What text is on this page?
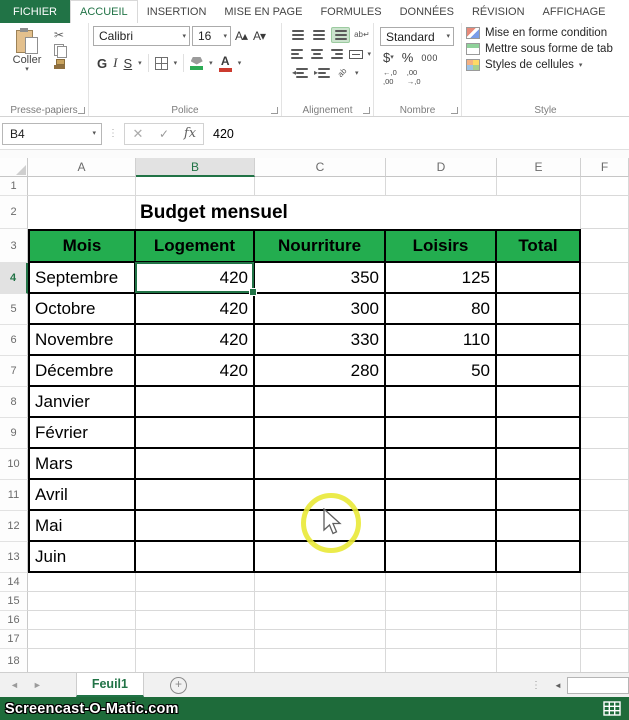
FICHIER	ACCUEIL	INSERTION	MISE EN PAGE	FORMULES	DONNÉES	RÉVISION	AFFICHAGE
Coller
▾
✂
Presse-papiers
Calibri	▾ 16 ▾ A▴ A▾
G I S ▾	▾	▾ A	▾
Police
ab↵
▾
◂ ▸ ab ▾
Alignement
Standard ▾
$ ▾ % 000
←,0
,00
,00
→,0
Nombre
Mise en forme condition
Mettre sous forme de tab
Styles de cellules ▾
Style
B4	▾ ⋮	✕	✓	fx	420
A	B	C	D	E	F
1
2	Budget mensuel
3	Mois	Logement	Nourriture	Loisirs	Total
4	Septembre	420	350	125
5	Octobre	420	300	80
6	Novembre	420	330	110
7	Décembre	420	280	50
8	Janvier
9	Février
10 Mars
11 Avril
12 Mai
13 Juin
14
15
16
17
18
◄ ►	Feuil1	+	⋮	◄
Screencast-O-Matic.com
